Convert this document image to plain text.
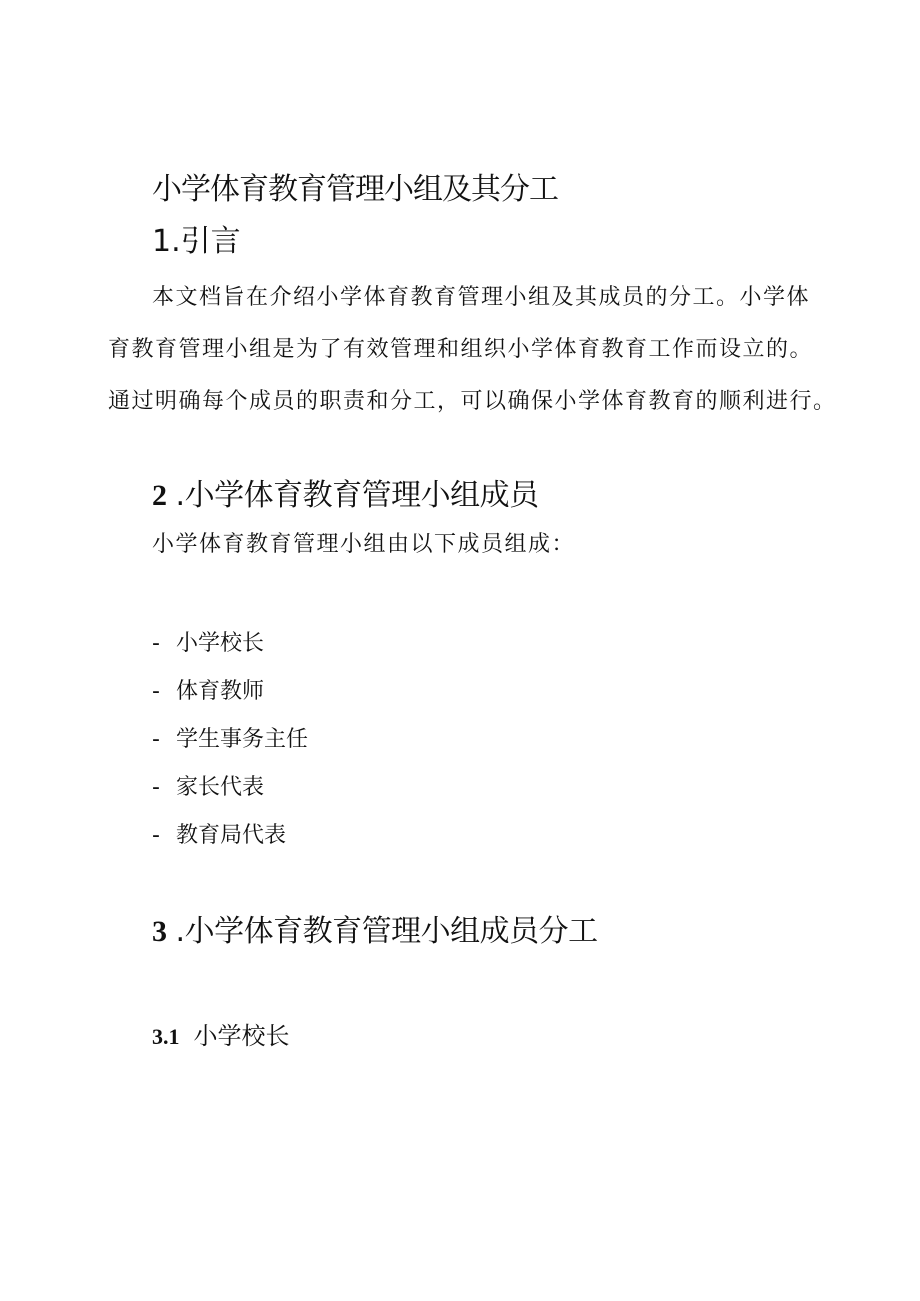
小学体育教育管理小组及其分工
1.引言
本文档旨在介绍小学体育教育管理小组及其成员的分工。小学体
育教育管理小组是为了有效管理和组织小学体育教育工作而设立的。
通过明确每个成员的职责和分工，可以确保小学体育教育的顺利进行。
2 .小学体育教育管理小组成员
小学体育教育管理小组由以下成员组成：
- 小学校长
- 体育教师
- 学生事务主任
- 家长代表
- 教育局代表
3 .小学体育教育管理小组成员分工
3.1 小学校长
